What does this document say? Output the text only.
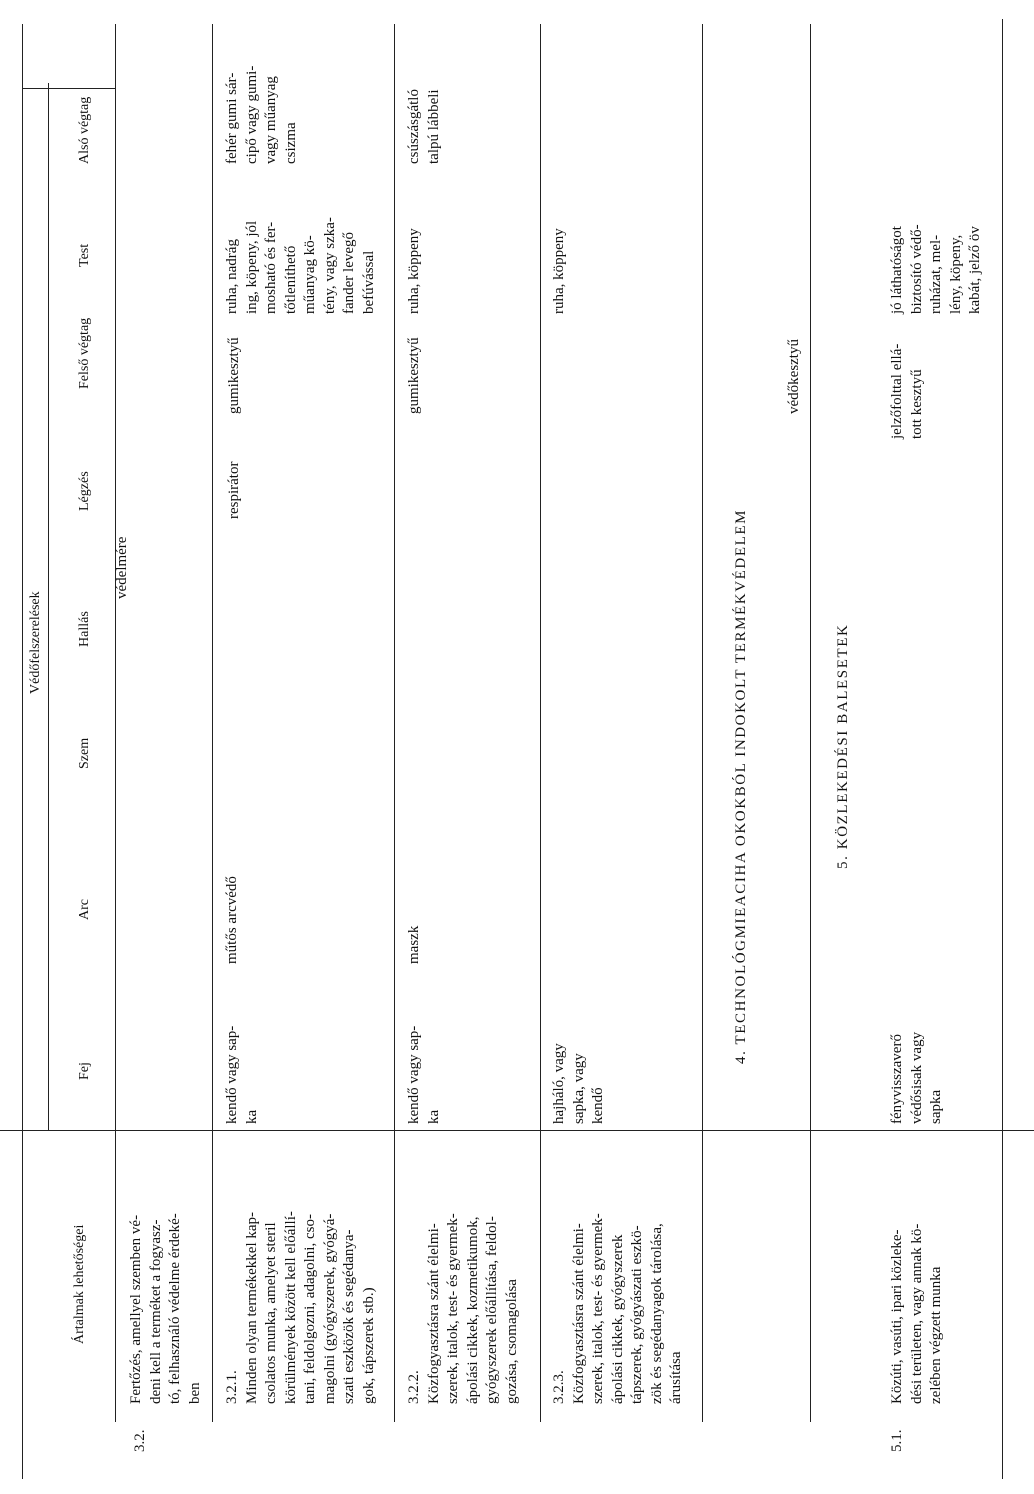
Ártalmak lehetőségei
Védőfelszerelések
Fej
Arc
Szem
Hallás
Légzés
Felső végtag
Test
Alsó végtag
3.2.
Fertőzés, amellyel szemben vé-
deni kell a terméket a fogyasz-
tó, felhasználó védelme érdeké-
ben
védelmére
3.2.1.
Minden olyan termékekkel kap-
csolatos munka, amelyet steril
körülmények között kell előállí-
tani, feldolgozni, adagolni, cso-
magolni (gyógyszerek, gyógyá-
szati eszközök és segédanya-
gok, tápszerek stb.)
kendő vagy sap-
ka
műtős arcvédő
respirátor
gumikesztyű
ruha, nadrág
ing, köpeny, jól
mosható és fer-
tőtleníthető
műanyag kö-
tény, vagy szka-
fander levegő
befúvással
fehér gumi sár-
cipő vagy gumi-
vagy műanyag
csizma
3.2.2.
Közfogyasztásra szánt élelmi-
szerek, italok, test- és gyermek-
ápolási cikkek, kozmetikumok,
gyógyszerek előállítása, feldol-
gozása, csomagolása
kendő vagy sap-
ka
maszk
gumikesztyű
ruha, köppeny
csúszásgátló
talpú lábbeli
3.2.3.
Közfogyasztásra szánt élelmi-
szerek, italok, test- és gyermek-
ápolási cikkek, gyógyszerek
tápszerek, gyógyászati eszkö-
zök és segédanyagok tárolása,
árusítása
hajháló, vagy
sapka, vagy
kendő
ruha, köppeny
4. TECHNOLÓGMIEACIHA OKOKBÓL INDOKOLT TERMÉKVÉDELEM
védőkesztyű
5. KÖZLEKEDÉSI BALESETEK
5.1.
Közúti, vasúti, ipari közleke-
dési területen, vagy annak kö-
zelében végzett munka
fényvisszaverő
védősisak vagy
sapka
jelzőfolttal ellá-
tott kesztyű
jó láthatóságot
biztosító védő-
ruházat, mel-
lény, köpeny,
kabát, jelző öv
